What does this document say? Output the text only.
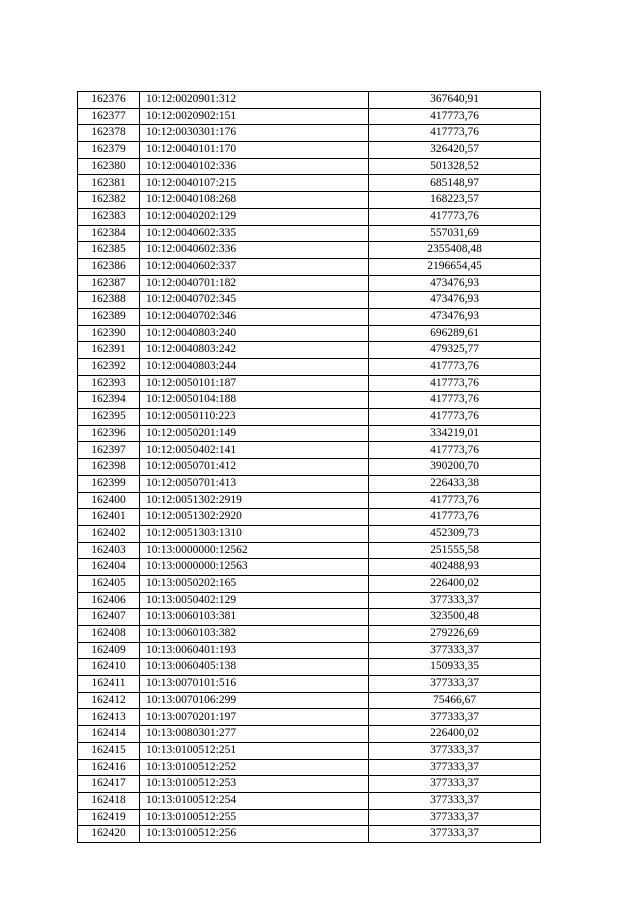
162376	10:12:0020901:312	367640,91
162377	10:12:0020902:151	417773,76
162378	10:12:0030301:176	417773,76
162379	10:12:0040101:170	326420,57
162380	10:12:0040102:336	501328,52
162381	10:12:0040107:215	685148,97
162382	10:12:0040108:268	168223,57
162383	10:12:0040202:129	417773,76
162384	10:12:0040602:335	557031,69
162385	10:12:0040602:336	2355408,48
162386	10:12:0040602:337	2196654,45
162387	10:12:0040701:182	473476,93
162388	10:12:0040702:345	473476,93
162389	10:12:0040702:346	473476,93
162390	10:12:0040803:240	696289,61
162391	10:12:0040803:242	479325,77
162392	10:12:0040803:244	417773,76
162393	10:12:0050101:187	417773,76
162394	10:12:0050104:188	417773,76
162395	10:12:0050110:223	417773,76
162396	10:12:0050201:149	334219,01
162397	10:12:0050402:141	417773,76
162398	10:12:0050701:412	390200,70
162399	10:12:0050701:413	226433,38
162400	10:12:0051302:2919	417773,76
162401	10:12:0051302:2920	417773,76
162402	10:12:0051303:1310	452309,73
162403	10:13:0000000:12562	251555,58
162404	10:13:0000000:12563	402488,93
162405	10:13:0050202:165	226400,02
162406	10:13:0050402:129	377333,37
162407	10:13:0060103:381	323500,48
162408	10:13:0060103:382	279226,69
162409	10:13:0060401:193	377333,37
162410	10:13:0060405:138	150933,35
162411	10:13:0070101:516	377333,37
162412	10:13:0070106:299	75466,67
162413	10:13:0070201:197	377333,37
162414	10:13:0080301:277	226400,02
162415	10:13:0100512:251	377333,37
162416	10:13:0100512:252	377333,37
162417	10:13:0100512:253	377333,37
162418	10:13:0100512:254	377333,37
162419	10:13:0100512:255	377333,37
162420	10:13:0100512:256	377333,37
